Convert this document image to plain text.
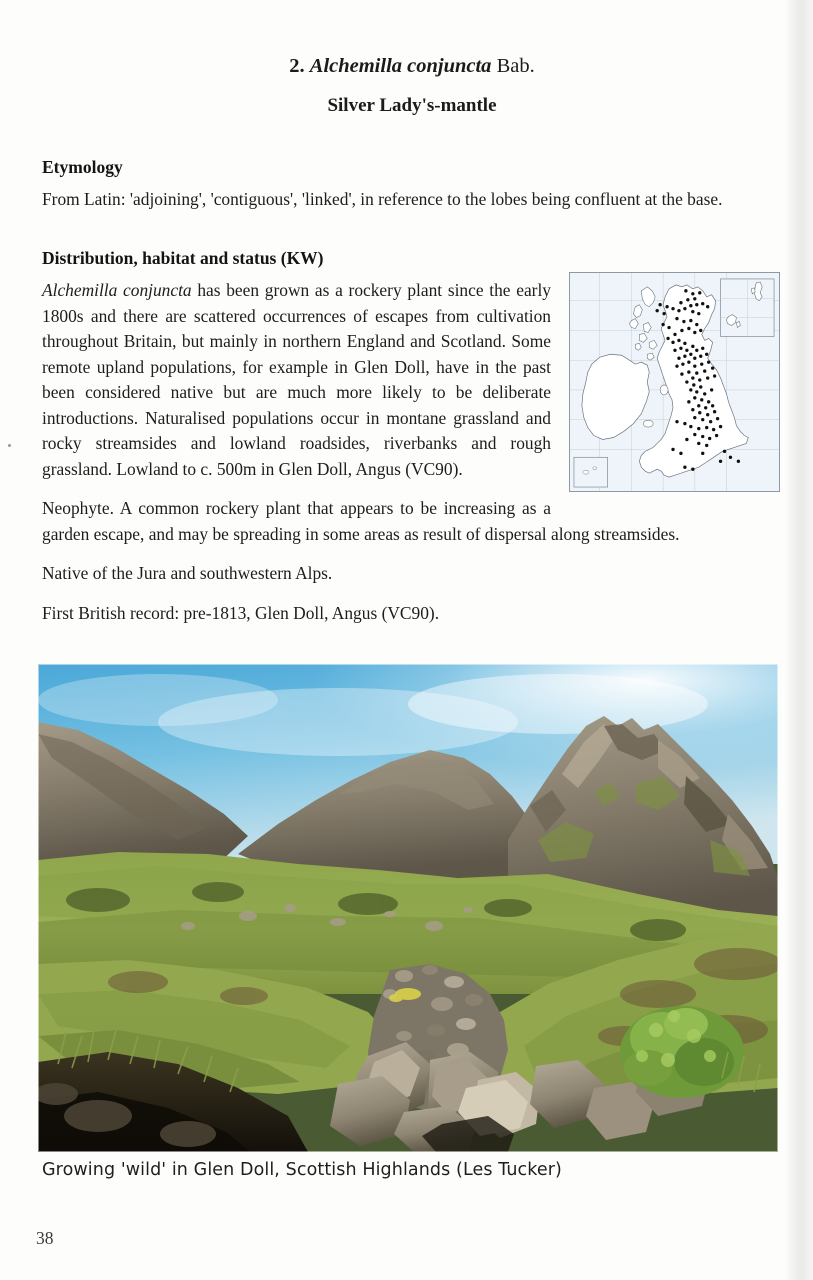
2. Alchemilla conjuncta Bab.
Silver Lady's-mantle
Etymology

From Latin: 'adjoining', 'contiguous', 'linked', in reference to the lobes being confluent at the base.

Distribution, habitat and status (KW)

Alchemilla conjuncta has been grown as a rockery plant since the early 1800s and there are scattered occurrences of escapes from cultivation throughout Britain, but mainly in northern England and Scotland. Some remote upland populations, for example in Glen Doll, have in the past been considered native but are much more likely to be deliberate introductions. Naturalised populations occur in montane grassland and rocky streamsides and lowland roadsides, riverbanks and rough grassland. Lowland to c. 500m in Glen Doll, Angus (VC90).

Neophyte. A common rockery plant that appears to be increasing as a garden escape, and may be spreading in some areas as result of dispersal along streamsides.

Native of the Jura and southwestern Alps.

First British record: pre-1813, Glen Doll, Angus (VC90).

Growing 'wild' in Glen Doll, Scottish Highlands (Les Tucker)
38
